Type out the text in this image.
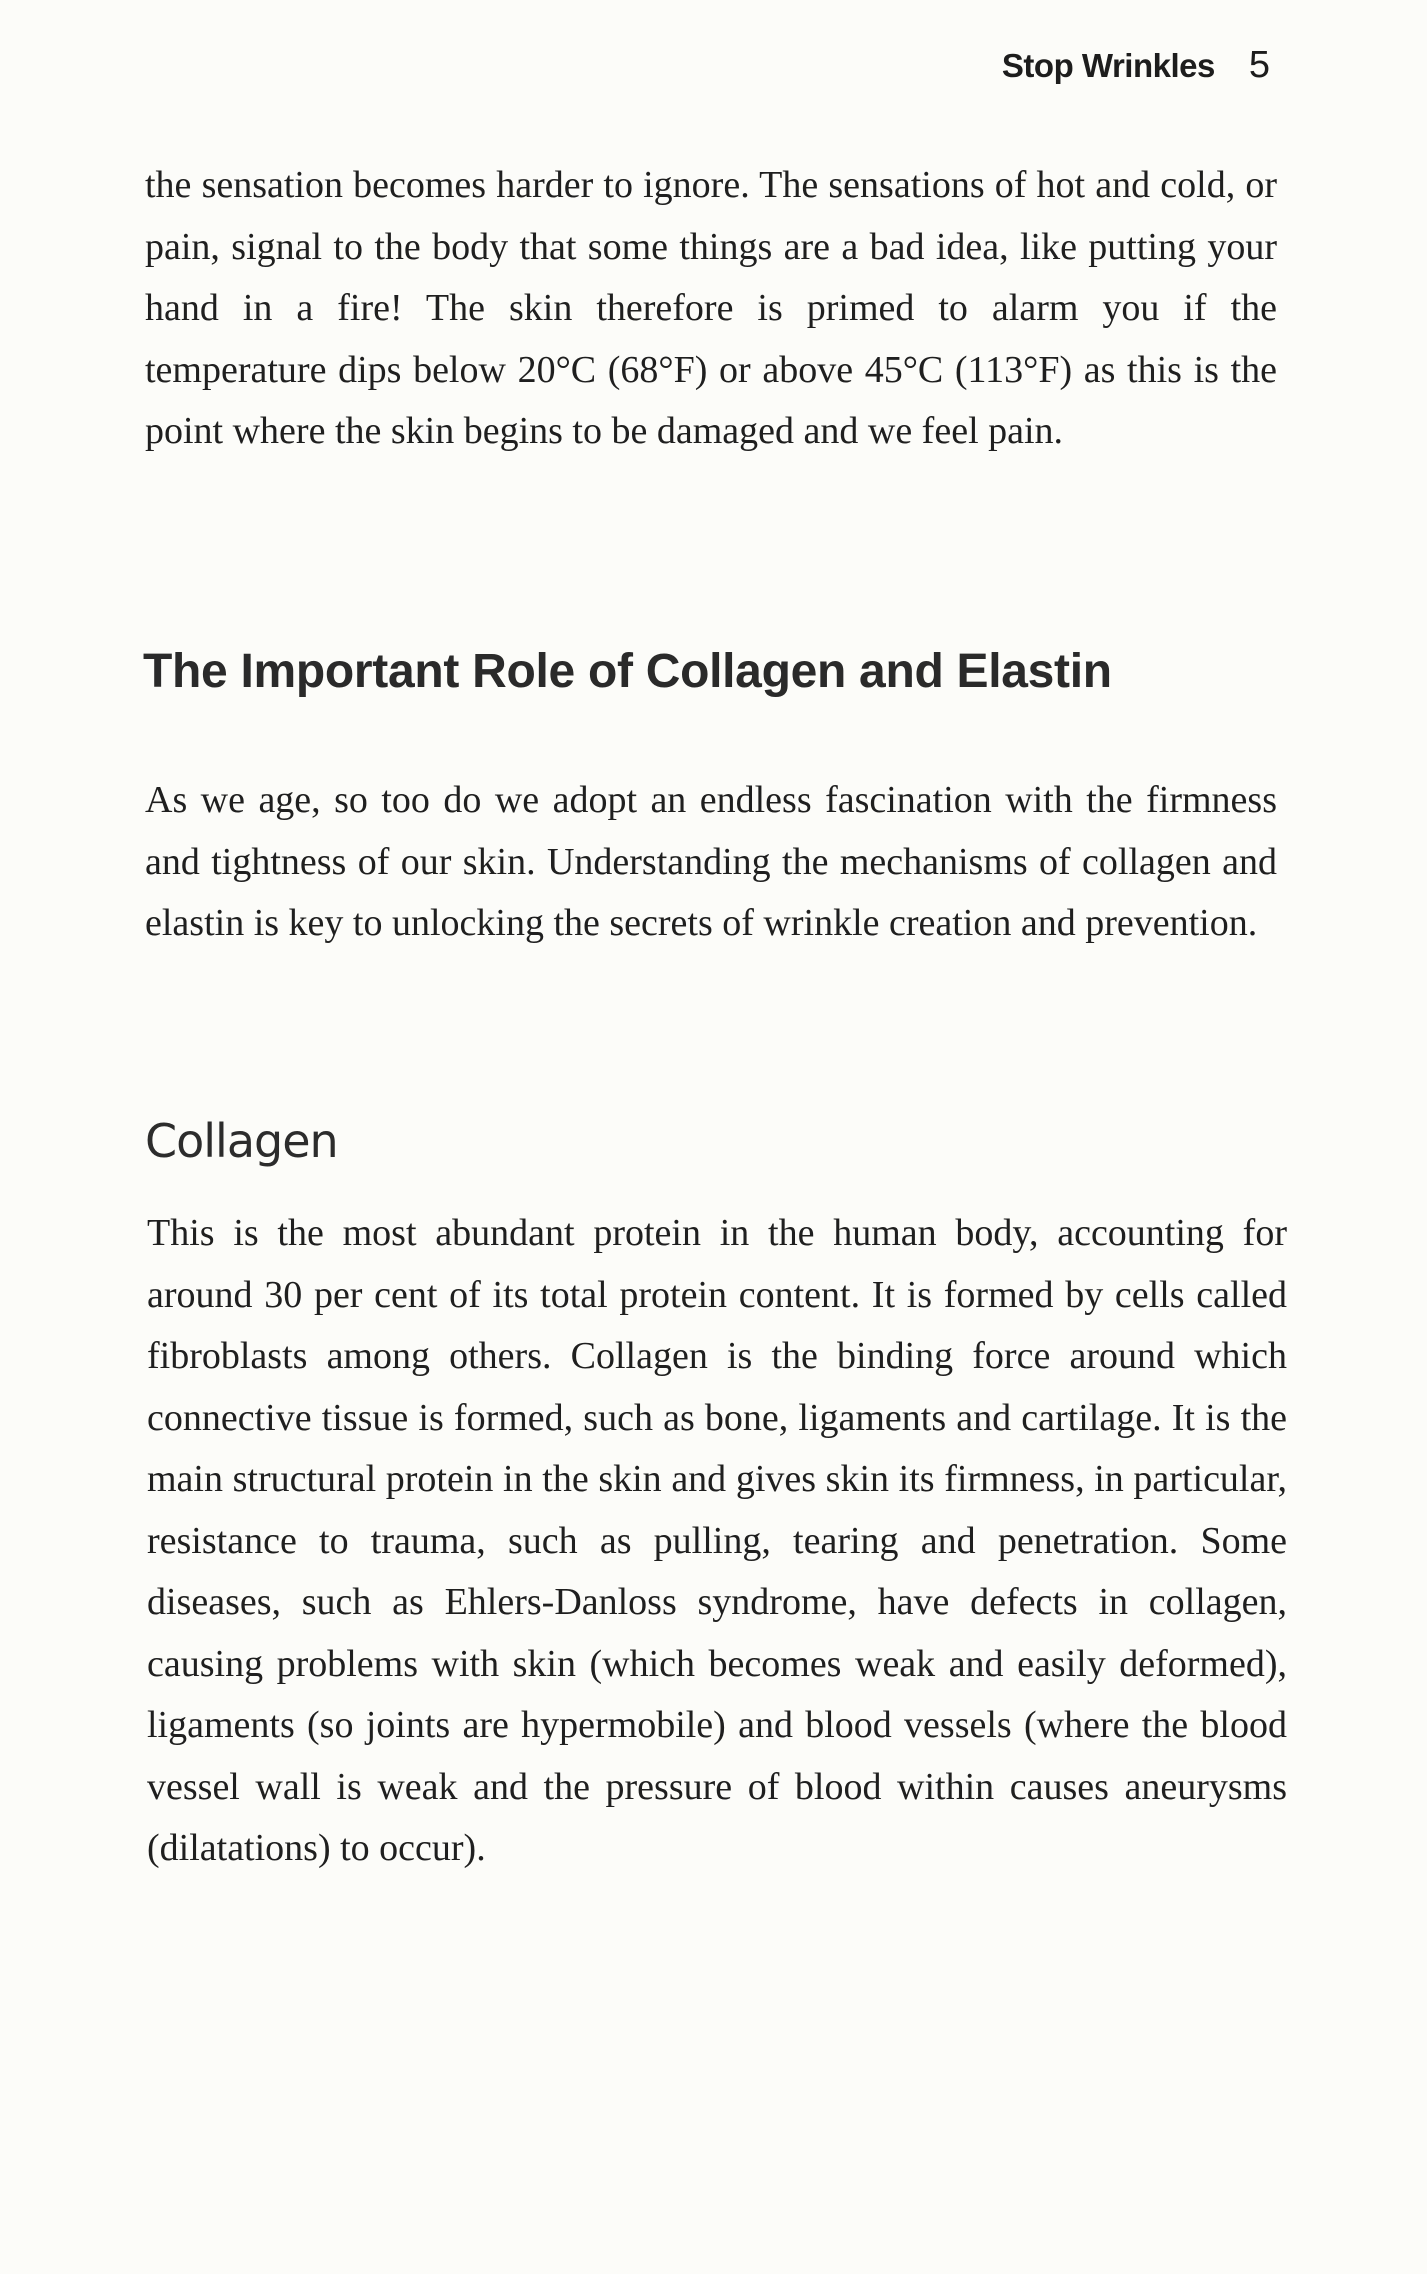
Stop Wrinkles 5

the sensation becomes harder to ignore. The sensations of hot and cold, or pain, signal to the body that some things are a bad idea, like putting your hand in a fire! The skin therefore is primed to alarm you if the temperature dips below 20°C (68°F) or above 45°C (113°F) as this is the point where the skin begins to be damaged and we feel pain.

The Important Role of Collagen and Elastin

As we age, so too do we adopt an endless fascination with the firmness and tightness of our skin. Understanding the mechanisms of collagen and elastin is key to unlocking the secrets of wrinkle creation and prevention.

Collagen

This is the most abundant protein in the human body, accounting for around 30 per cent of its total protein content. It is formed by cells called fibroblasts among others. Collagen is the binding force around which connective tissue is formed, such as bone, ligaments and cartilage. It is the main structural protein in the skin and gives skin its firmness, in particular, resistance to trauma, such as pulling, tearing and penetration. Some diseases, such as Ehlers-Danloss syndrome, have defects in collagen, causing problems with skin (which becomes weak and easily deformed), ligaments (so joints are hypermobile) and blood vessels (where the blood vessel wall is weak and the pressure of blood within causes aneurysms (dilatations) to occur).
